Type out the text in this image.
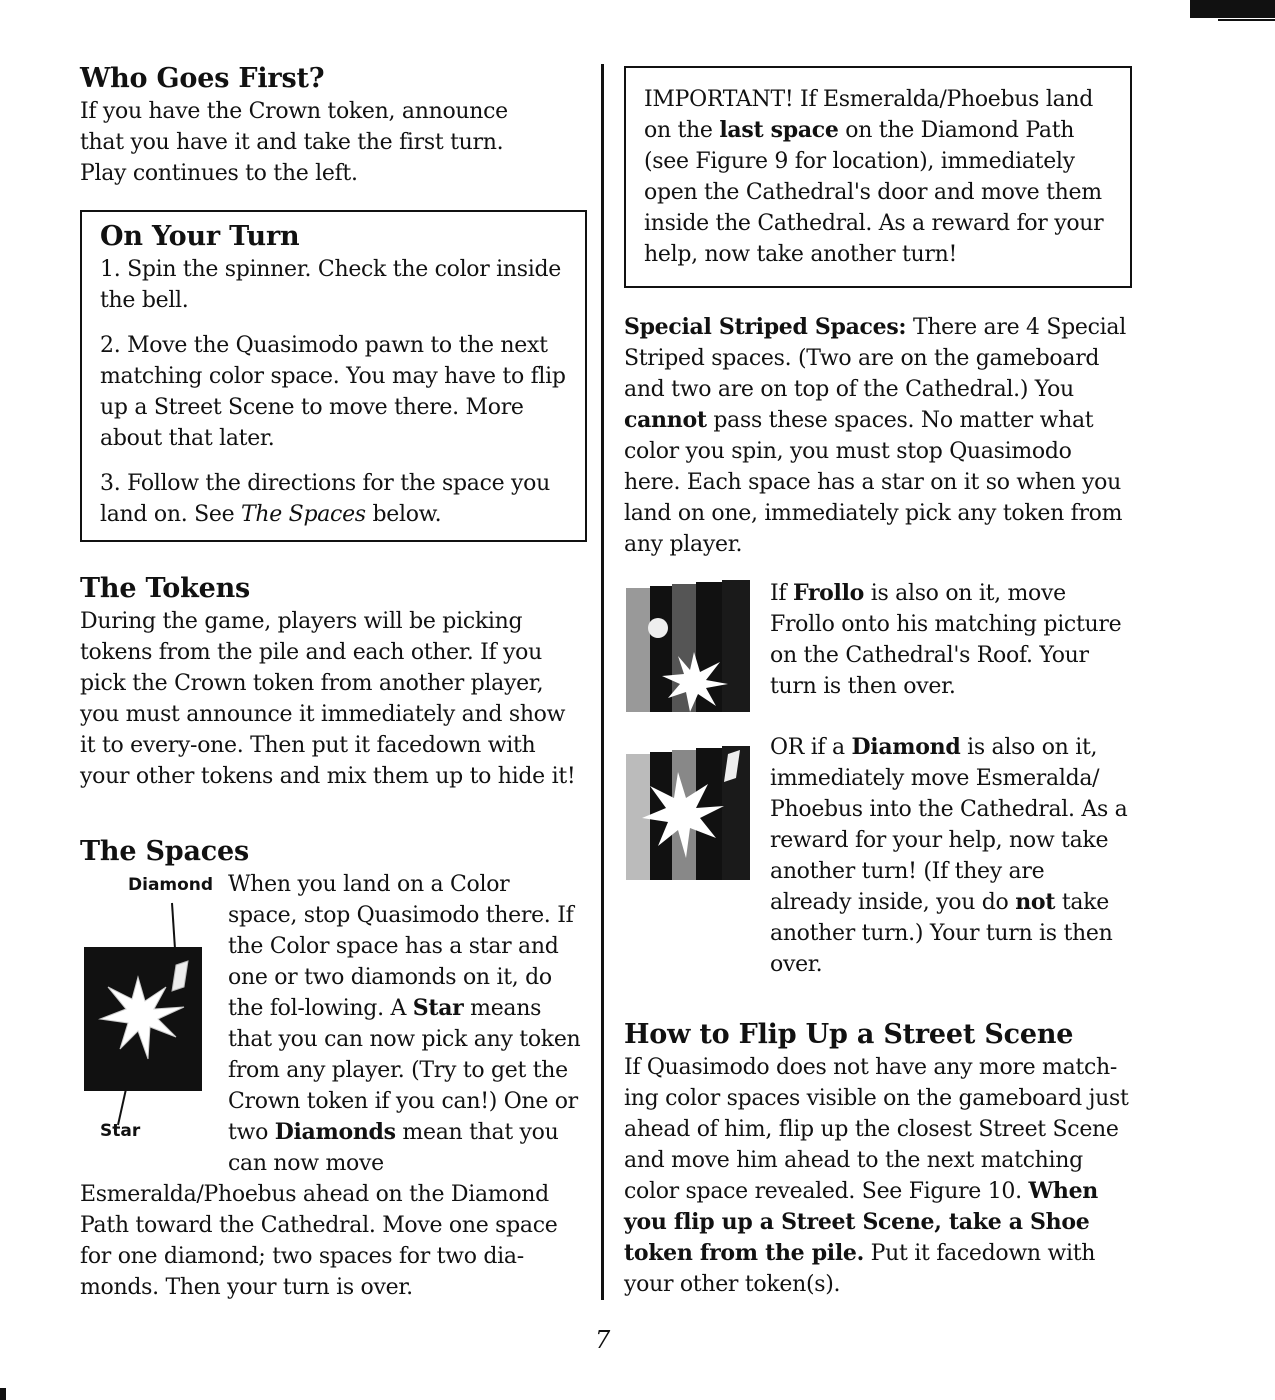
Who Goes First?

If you have the Crown token, announce
that you have it and take the first turn.
Play continues to the left.

On Your Turn

1. Spin the spinner. Check the color inside the bell.

2. Move the Quasimodo pawn to the next matching color space. You may have to flip up a Street Scene to move there. More about that later.

3. Follow the directions for the space you land on. See The Spaces below.

The Tokens

During the game, players will be picking tokens from the pile and each other. If you pick the Crown token from another player, you must announce it immediately and show it to every-one. Then put it facedown with your other tokens and mix them up to hide it!

The Spaces
Diamond
Star

When you land on a Color space, stop Quasimodo there. If the Color space has a star and one or two diamonds on it, do the fol-lowing. A Star means that you can now pick any token from any player. (Try to get the Crown token if you can!) One or two Diamonds mean that you can now move Esmeralda/Phoebus ahead on the Diamond Path toward the Cathedral. Move one space for one diamond; two spaces for two dia-monds. Then your turn is over.

IMPORTANT! If Esmeralda/Phoebus land on the last space on the Diamond Path (see Figure 9 for location), immediately open the Cathedral's door and move them inside the Cathedral. As a reward for your help, now take another turn!

Special Striped Spaces: There are 4 Special Striped spaces. (Two are on the gameboard and two are on top of the Cathedral.) You cannot pass these spaces. No matter what color you spin, you must stop Quasimodo here. Each space has a star on it so when you land on one, immediately pick any token from any player.

If Frollo is also on it, move Frollo onto his matching picture on the Cathedral's Roof. Your turn is then over.

OR if a Diamond is also on it, immediately move Esmeralda/ Phoebus into the Cathedral. As a reward for your help, now take another turn! (If they are already inside, you do not take another turn.) Your turn is then over.

How to Flip Up a Street Scene

If Quasimodo does not have any more match-ing color spaces visible on the gameboard just ahead of him, flip up the closest Street Scene and move him ahead to the next matching color space revealed. See Figure 10. When you flip up a Street Scene, take a Shoe token from the pile. Put it facedown with your other token(s).

7
